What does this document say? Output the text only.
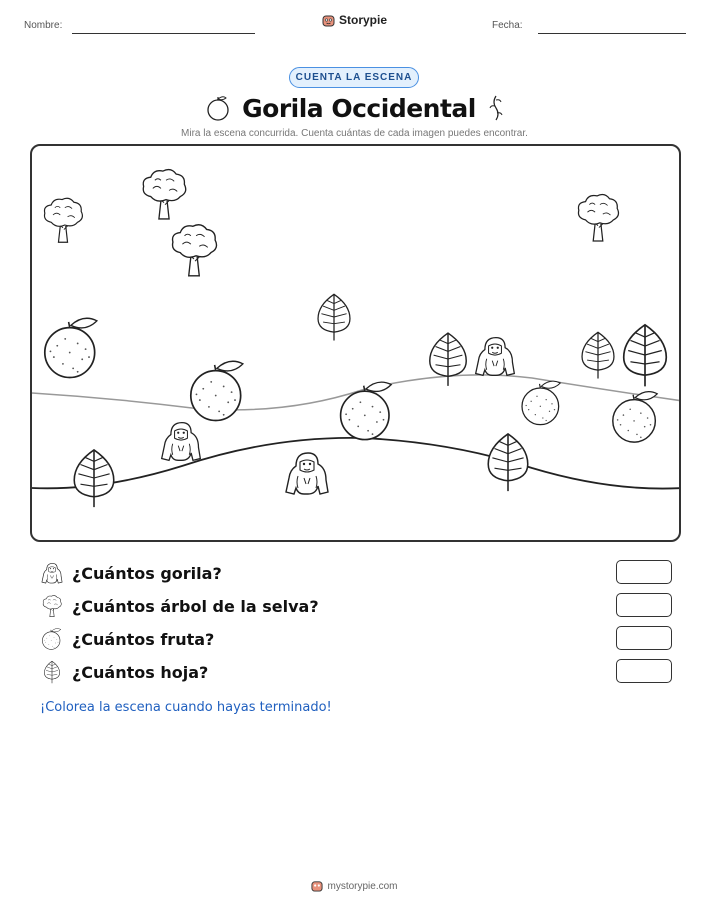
Nombre:	Storypie	Fecha:
CUENTA LA ESCENA
Gorila Occidental
Mira la escena concurrida. Cuenta cuántas de cada imagen puedes encontrar.
¿Cuántos gorila?
¿Cuántos árbol de la selva?
¿Cuántos fruta?
¿Cuántos hoja?
¡Colorea la escena cuando hayas terminado!
mystorypie.com
